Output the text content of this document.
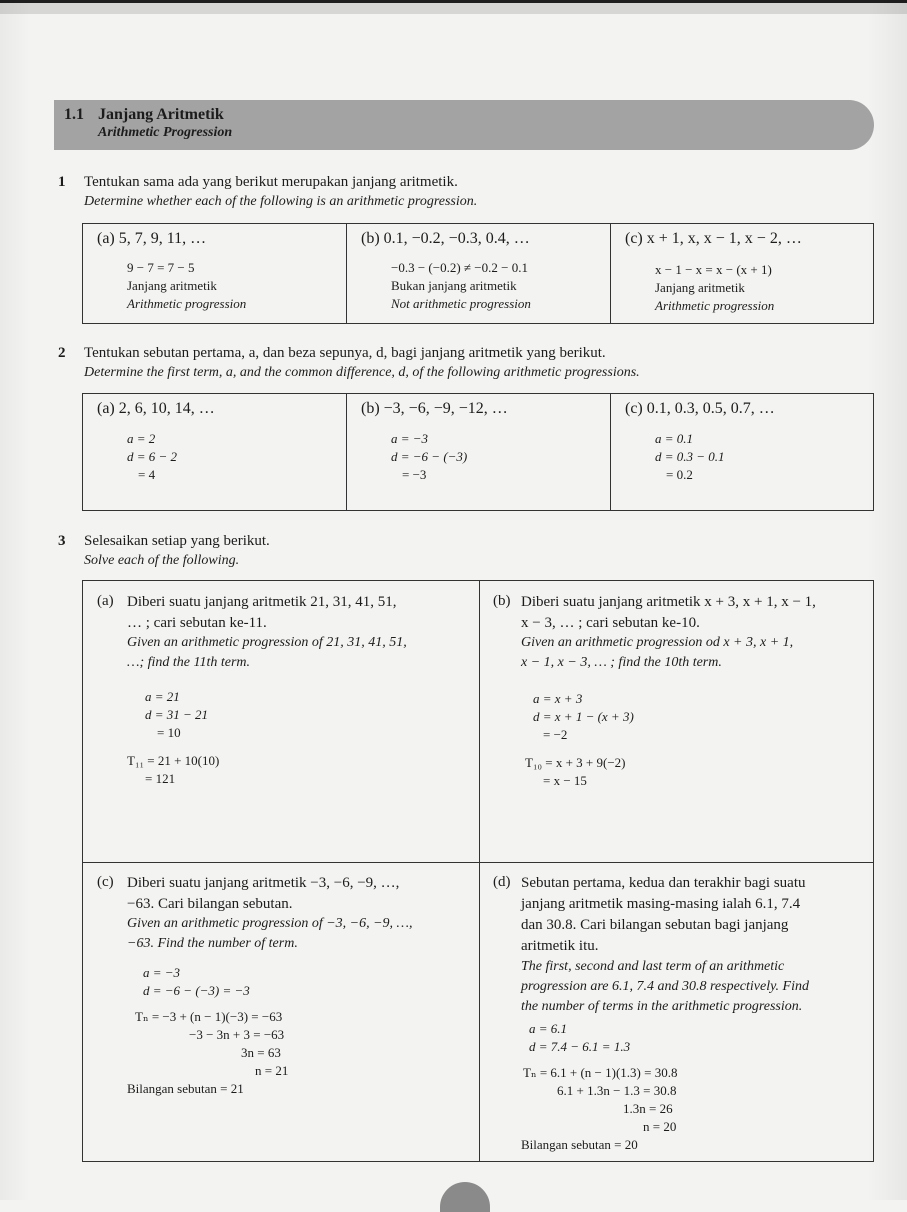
1.1 Janjang Aritmetik
Arithmetic Progression
1 Tentukan sama ada yang berikut merupakan janjang aritmetik.
Determine whether each of the following is an arithmetic progression.
(a) 5, 7, 9, 11, …
9 − 7 = 7 − 5
Janjang aritmetik
Arithmetic progression
(b) 0.1, −0.2, −0.3, 0.4, …
−0.3 − (−0.2) ≠ −0.2 − 0.1
Bukan janjang aritmetik
Not arithmetic progression
(c) x + 1, x, x − 1, x − 2, …
x − 1 − x = x − (x + 1)
Janjang aritmetik
Arithmetic progression
2 Tentukan sebutan pertama, a, dan beza sepunya, d, bagi janjang aritmetik yang berikut.
Determine the first term, a, and the common difference, d, of the following arithmetic progressions.
(a) 2, 6, 10, 14, …
a = 2
d = 6 − 2
= 4
(b) −3, −6, −9, −12, …
a = −3
d = −6 − (−3)
= −3
(c) 0.1, 0.3, 0.5, 0.7, …
a = 0.1
d = 0.3 − 0.1
= 0.2
3 Selesaikan setiap yang berikut.
Solve each of the following.
(a) Diberi suatu janjang aritmetik 21, 31, 41, 51,
… ; cari sebutan ke-11.
Given an arithmetic progression of 21, 31, 41, 51,
…; find the 11th term.
a = 21
d = 31 − 21
= 10
T₁₁ = 21 + 10(10)
= 121
(b) Diberi suatu janjang aritmetik x + 3, x + 1, x − 1,
x − 3, … ; cari sebutan ke-10.
Given an arithmetic progression od x + 3, x + 1,
x − 1, x − 3, … ; find the 10th term.
a = x + 3
d = x + 1 − (x + 3)
= −2
T₁₀ = x + 3 + 9(−2)
= x − 15
(c) Diberi suatu janjang aritmetik −3, −6, −9, …,
−63. Cari bilangan sebutan.
Given an arithmetic progression of −3, −6, −9, …,
−63. Find the number of term.
a = −3
d = −6 − (−3) = −3
Tₙ = −3 + (n − 1)(−3) = −63
−3 − 3n + 3 = −63
3n = 63
n = 21
Bilangan sebutan = 21
(d) Sebutan pertama, kedua dan terakhir bagi suatu
janjang aritmetik masing-masing ialah 6.1, 7.4
dan 30.8. Cari bilangan sebutan bagi janjang
aritmetik itu.
The first, second and last term of an arithmetic
progression are 6.1, 7.4 and 30.8 respectively. Find
the number of terms in the arithmetic progression.
a = 6.1
d = 7.4 − 6.1 = 1.3
Tₙ = 6.1 + (n − 1)(1.3) = 30.8
6.1 + 1.3n − 1.3 = 30.8
1.3n = 26
n = 20
Bilangan sebutan = 20
